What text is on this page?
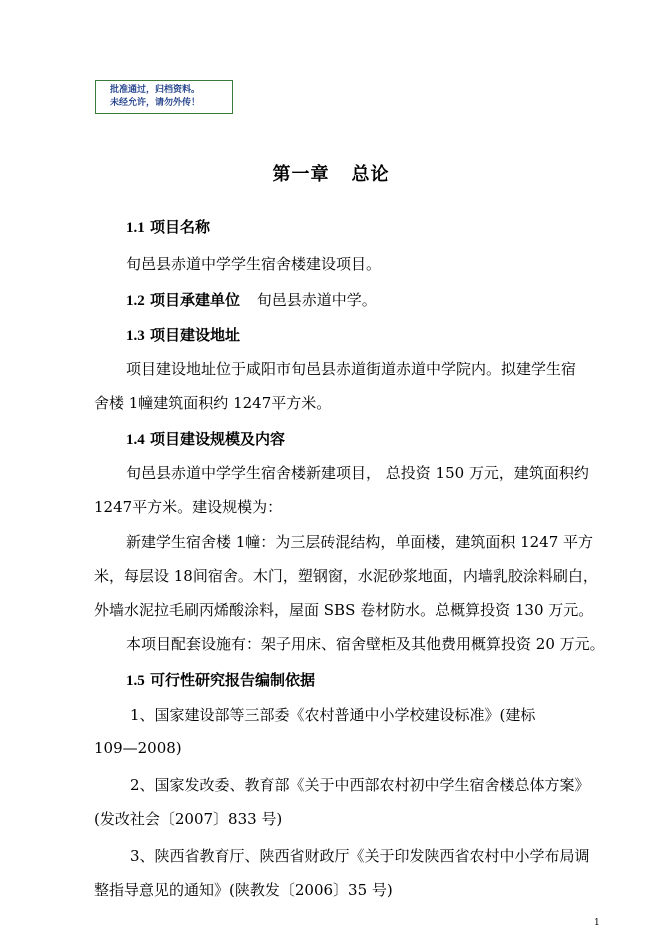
批准通过，归档资料。
未经允许，请勿外传！
第一章 总论
1.1 项目名称
旬邑县赤道中学学生宿舍楼建设项目。
1.2 项目承建单位 旬邑县赤道中学。
1.3 项目建设地址
项目建设地址位于咸阳市旬邑县赤道街道赤道中学院内。拟建学生宿
舍楼 1幢建筑面积约 1247平方米。
1.4 项目建设规模及内容
旬邑县赤道中学学生宿舍楼新建项目， 总投资 150 万元，建筑面积约
1247平方米。建设规模为：
新建学生宿舍楼 1幢：为三层砖混结构，单面楼，建筑面积 1247 平方
米，每层设 18间宿舍。木门，塑钢窗，水泥砂浆地面，内墙乳胶涂料刷白，
外墙水泥拉毛刷丙烯酸涂料，屋面 SBS 卷材防水。总概算投资 130 万元。
本项目配套设施有：架子用床、宿舍壁柜及其他费用概算投资 20 万元。
1.5 可行性研究报告编制依据
1、国家建设部等三部委《农村普通中小学校建设标准》(建标
109—2008)
2、国家发改委、教育部《关于中西部农村初中学生宿舍楼总体方案》
(发改社会〔2007〕833 号)
3、陕西省教育厅、陕西省财政厅《关于印发陕西省农村中小学布局调
整指导意见的通知》(陕教发〔2006〕35 号)
1
